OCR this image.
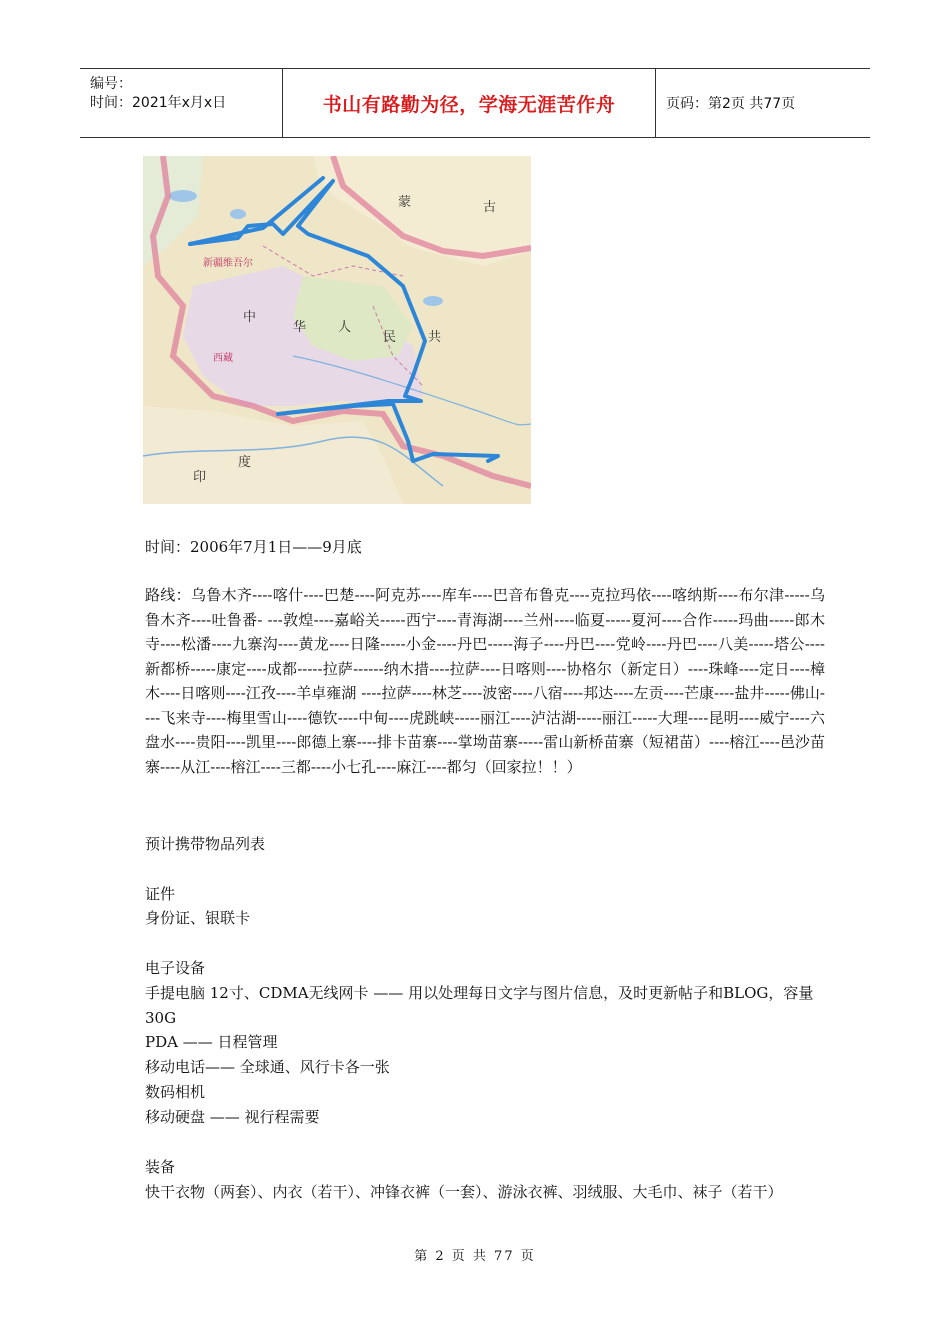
编号：
时间：2021年x月x日	书山有路勤为径，学海无涯苦作舟	页码：第2页 共77页
蒙	古
中
华 人
民 共
印
度
新疆维吾尔
西藏
时间：2006年7月1日——9月底
路线：乌鲁木齐----喀什----巴楚----阿克苏----库车----巴音布鲁克----克拉玛依----喀纳斯----布尔津-----乌鲁木齐----吐鲁番- ---敦煌----嘉峪关-----西宁----青海湖----兰州----临夏-----夏河----合作-----玛曲-----郎木寺----松潘----九寨沟----黄龙----日隆-----小金----丹巴-----海子----丹巴----党岭----丹巴----八美-----塔公----新都桥-----康定----成都-----拉萨------纳木措----拉萨----日喀则----协格尔（新定日）----珠峰----定日----樟木----日喀则----江孜----羊卓雍湖 ----拉萨----林芝----波密----八宿----邦达----左贡----芒康----盐井-----佛山----飞来寺----梅里雪山----德钦----中甸----虎跳峡-----丽江----泸沽湖-----丽江-----大理----昆明----威宁----六盘水----贵阳----凯里----郎德上寨----排卡苗寨----掌坳苗寨-----雷山新桥苗寨（短裙苗）----榕江----邑沙苗寨----从江----榕江----三都----小七孔----麻江----都匀（回家拉！！）
预计携带物品列表
证件
身份证、银联卡
电子设备
手提电脑 12寸、CDMA无线网卡 —— 用以处理每日文字与图片信息，及时更新帖子和BLOG，容量30G
PDA —— 日程管理
移动电话—— 全球通、风行卡各一张
数码相机
移动硬盘 —— 视行程需要
装备
快干衣物（两套）、内衣（若干）、冲锋衣裤（一套）、游泳衣裤、羽绒服、大毛巾、袜子（若干）
第 2 页 共 77 页
